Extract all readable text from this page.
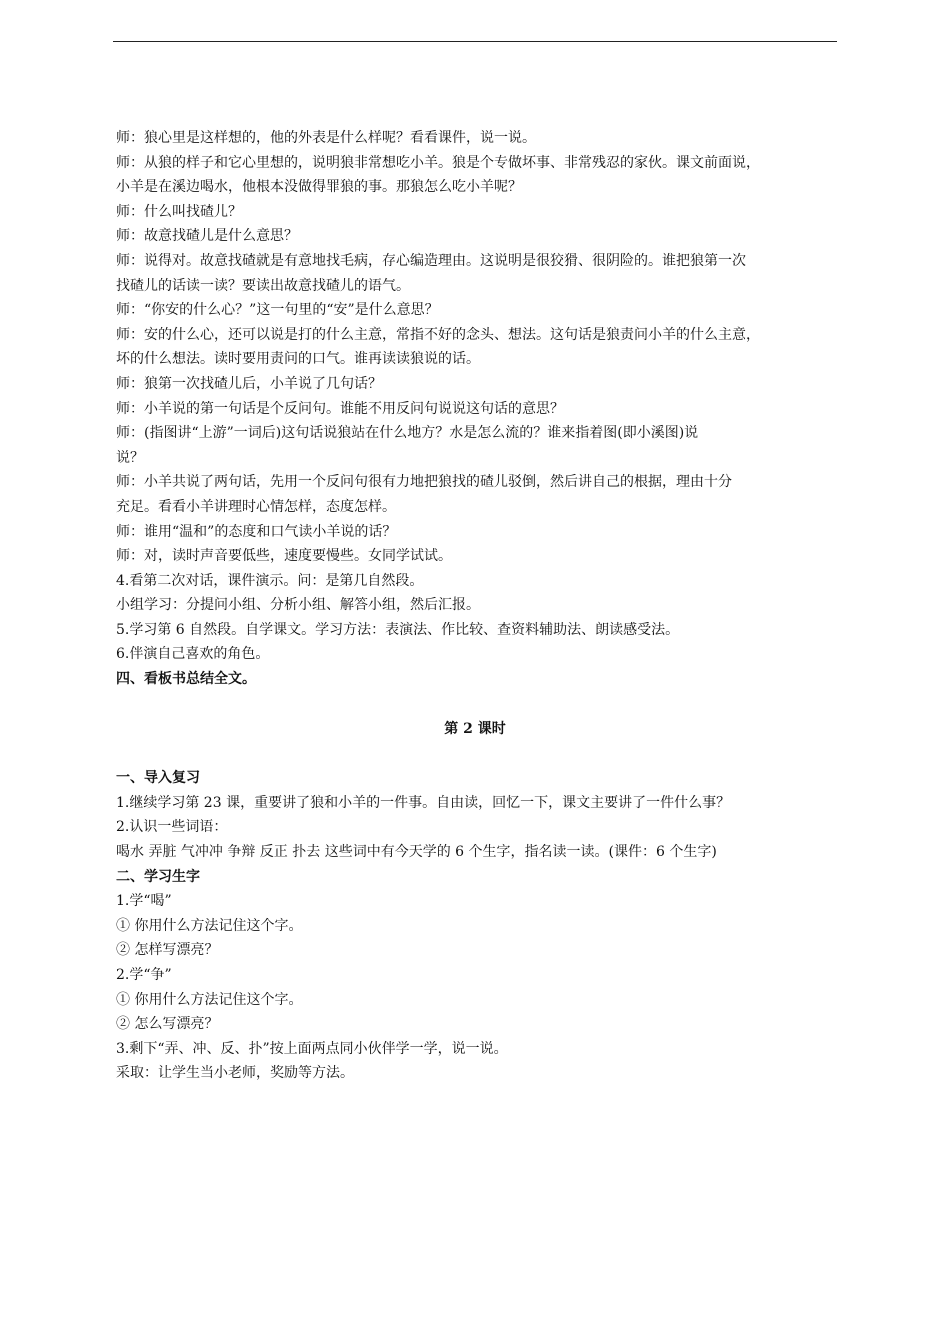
师：狼心里是这样想的，他的外表是什么样呢？看看课件，说一说。

师：从狼的样子和它心里想的，说明狼非常想吃小羊。狼是个专做坏事、非常残忍的家伙。课文前面说，

小羊是在溪边喝水，他根本没做得罪狼的事。那狼怎么吃小羊呢？

师：什么叫找碴儿？

师：故意找碴儿是什么意思？

师：说得对。故意找碴就是有意地找毛病，存心编造理由。这说明是很狡猾、很阴险的。谁把狼第一次

找碴儿的话读一读？要读出故意找碴儿的语气。

师：“你安的什么心？”这一句里的“安”是什么意思？

师：安的什么心，还可以说是打的什么主意，常指不好的念头、想法。这句话是狼责问小羊的什么主意，

坏的什么想法。读时要用责问的口气。谁再读读狼说的话。

师：狼第一次找碴儿后，小羊说了几句话？

师：小羊说的第一句话是个反问句。谁能不用反问句说说这句话的意思？

师：(指图讲“上游”一词后)这句话说狼站在什么地方？水是怎么流的？谁来指着图(即小溪图)说

说？

师：小羊共说了两句话，先用一个反问句很有力地把狼找的碴儿驳倒，然后讲自己的根据，理由十分

充足。看看小羊讲理时心情怎样，态度怎样。

师：谁用“温和”的态度和口气读小羊说的话？

师：对，读时声音要低些，速度要慢些。女同学试试。

4.看第二次对话，课件演示。问：是第几自然段。

小组学习：分提问小组、分析小组、解答小组，然后汇报。

5.学习第 6 自然段。自学课文。学习方法：表演法、作比较、查资料辅助法、朗读感受法。

6.伴演自己喜欢的角色。

四、看板书总结全文。

第 2 课时

一、导入复习

1.继续学习第 23 课，重要讲了狼和小羊的一件事。自由读，回忆一下，课文主要讲了一件什么事？

2.认识一些词语：

喝水 弄脏 气冲冲 争辩 反正 扑去 这些词中有今天学的 6 个生字，指名读一读。(课件：6 个生字)

二、学习生字

1.学“喝”

① 你用什么方法记住这个字。

② 怎样写漂亮？

2.学“争”

① 你用什么方法记住这个字。

② 怎么写漂亮？

3.剩下“弄、冲、反、扑”按上面两点同小伙伴学一学，说一说。

采取：让学生当小老师，奖励等方法。
